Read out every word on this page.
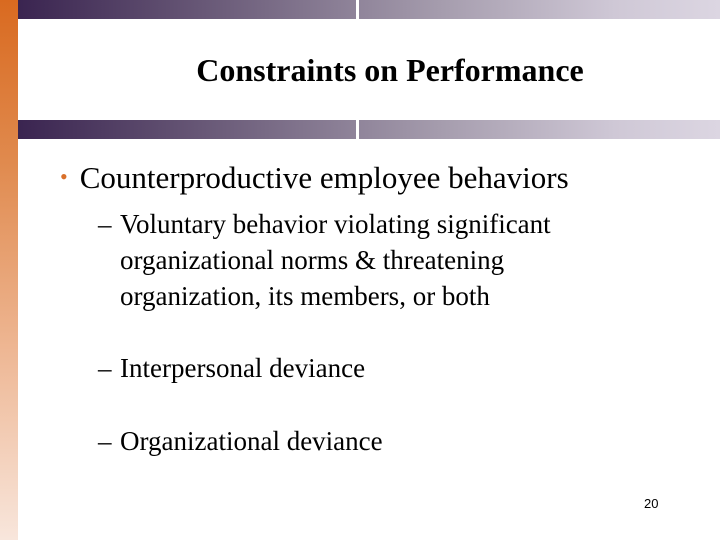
Constraints on Performance
• Counterproductive employee behaviors
– Voluntary behavior violating significant
organizational norms & threatening
organization, its members, or both
– Interpersonal deviance
– Organizational deviance
20
